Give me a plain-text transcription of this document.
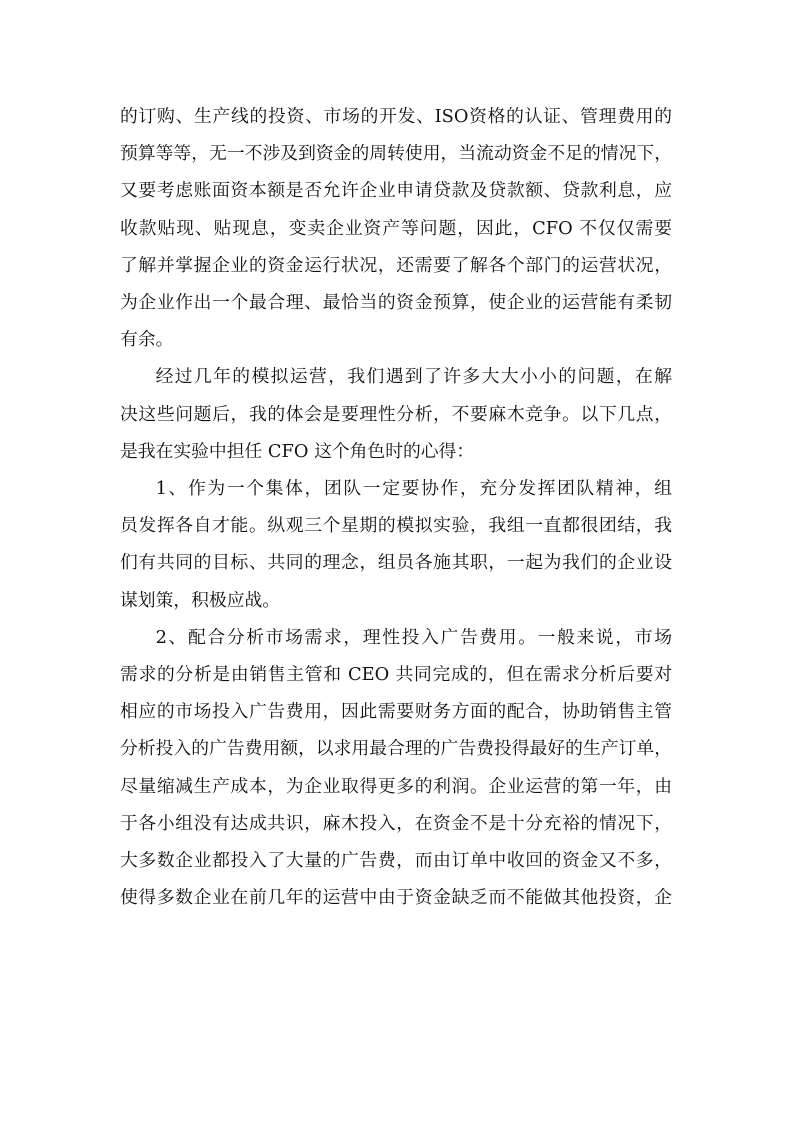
的订购、生产线的投资、市场的开发、ISO资格的认证、管理费用的

预算等等，无一不涉及到资金的周转使用，当流动资金不足的情况下，

又要考虑账面资本额是否允许企业申请贷款及贷款额、贷款利息，应

收款贴现、贴现息，变卖企业资产等问题，因此，CFO 不仅仅需要

了解并掌握企业的资金运行状况，还需要了解各个部门的运营状况，

为企业作出一个最合理、最恰当的资金预算，使企业的运营能有柔韧

有余。

经过几年的模拟运营，我们遇到了许多大大小小的问题，在解

决这些问题后，我的体会是要理性分析，不要麻木竞争。以下几点，

是我在实验中担任 CFO 这个角色时的心得：

1、作为一个集体，团队一定要协作，充分发挥团队精神，组

员发挥各自才能。纵观三个星期的模拟实验，我组一直都很团结，我

们有共同的目标、共同的理念，组员各施其职，一起为我们的企业设

谋划策，积极应战。

2、配合分析市场需求，理性投入广告费用。一般来说，市场

需求的分析是由销售主管和 CEO 共同完成的，但在需求分析后要对

相应的市场投入广告费用，因此需要财务方面的配合，协助销售主管

分析投入的广告费用额，以求用最合理的广告费投得最好的生产订单，

尽量缩减生产成本，为企业取得更多的利润。企业运营的第一年，由

于各小组没有达成共识，麻木投入，在资金不是十分充裕的情况下，

大多数企业都投入了大量的广告费，而由订单中收回的资金又不多，

使得多数企业在前几年的运营中由于资金缺乏而不能做其他投资，企
